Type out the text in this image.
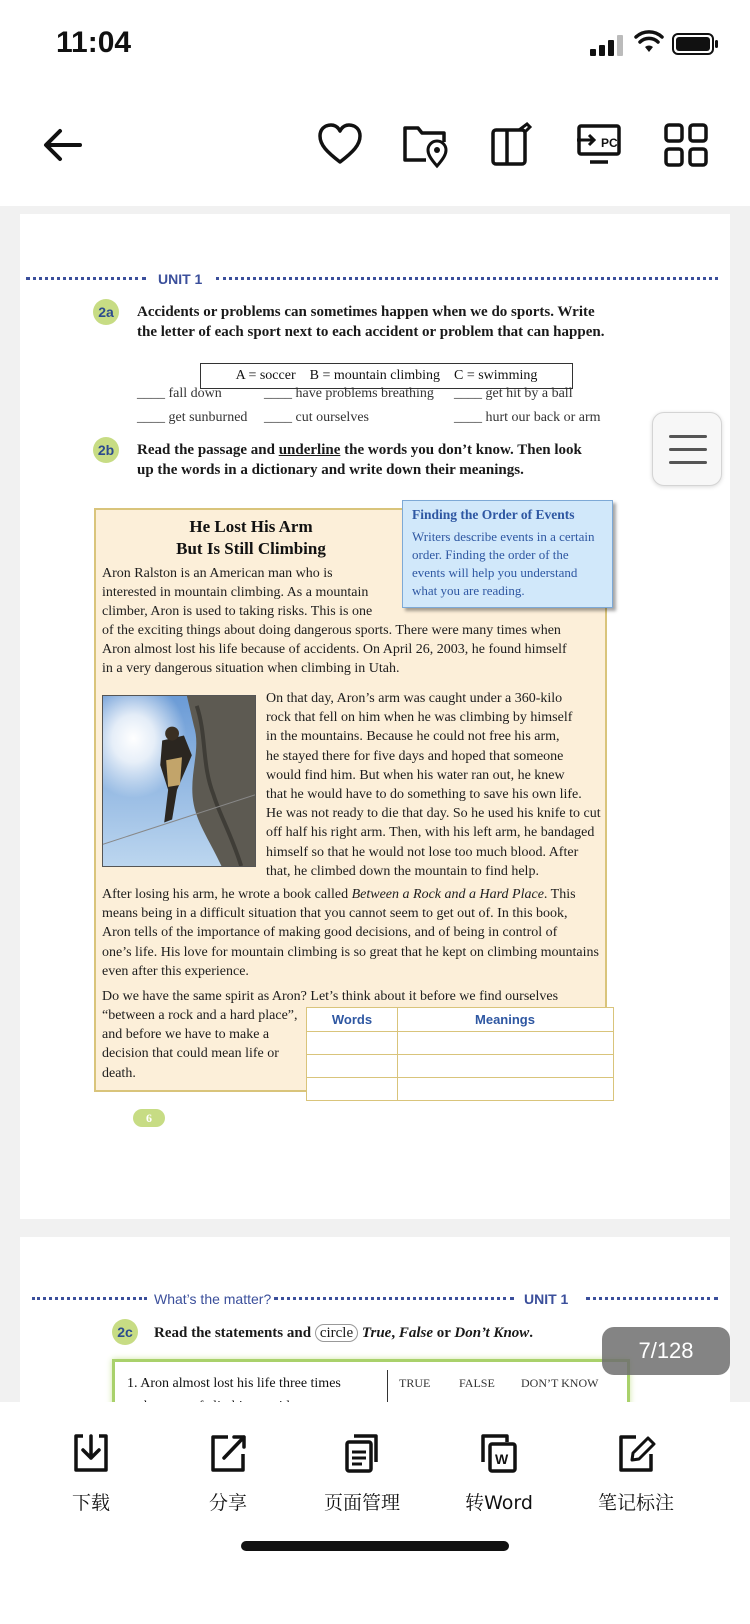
11:04
PC
UNIT 1
2a	Accidents or problems can sometimes happen when we do sports. Write
the letter of each sport next to each accident or problem that can happen.
A = soccer    B = mountain climbing    C = swimming
____ fall down	____ have problems breathing ____ get hit by a ball
____ get sunburned ____ cut ourselves	____ hurt our back or arm
2b	Read the passage and underline the words you don’t know. Then look
up the words in a dictionary and write down their meanings.
He Lost His Arm
But Is Still Climbing
Aron Ralston is an American man who is
interested in mountain climbing. As a mountain
climber, Aron is used to taking risks. This is one
of the exciting things about doing dangerous sports. There were many times when
Aron almost lost his life because of accidents. On April 26, 2003, he found himself
in a very dangerous situation when climbing in Utah.
On that day, Aron’s arm was caught under a 360-kilo
rock that fell on him when he was climbing by himself
in the mountains. Because he could not free his arm,
he stayed there for five days and hoped that someone
would find him. But when his water ran out, he knew
that he would have to do something to save his own life.
He was not ready to die that day. So he used his knife to cut
off half his right arm. Then, with his left arm, he bandaged
himself so that he would not lose too much blood. After
that, he climbed down the mountain to find help.
After losing his arm, he wrote a book called Between a Rock and a Hard Place. This
means being in a difficult situation that you cannot seem to get out of. In this book,
Aron tells of the importance of making good decisions, and of being in control of
one’s life. His love for mountain climbing is so great that he kept on climbing mountains
even after this experience.
Do we have the same spirit as Aron? Let’s think about it before we find ourselves
“between a rock and a hard place”,
and before we have to make a
decision that could mean life or
death.
Finding the Order of Events
Writers describe events in a certain order. Finding the order of the events will help you understand what you are reading.
Words	Meanings
6
What’s the matter?	UNIT 1
2c	Read the statements and circle True, False or Don’t Know.
1. Aron almost lost his life three times	TRUE FALSE DON’T KNOW
7/128
下载	分享	页面管理
W
转Word	笔记标注
